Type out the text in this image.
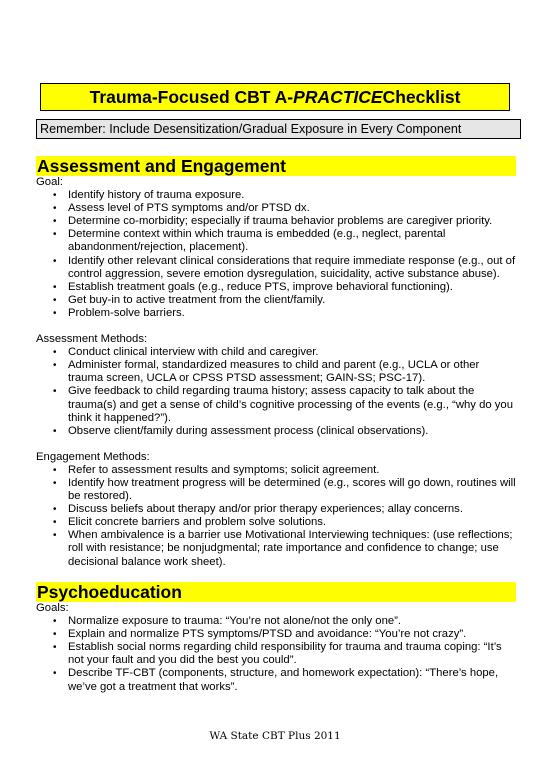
Trauma-Focused CBT A- PRACTICE Checklist
Remember: Include Desensitization/Gradual Exposure in Every Component
Assessment and Engagement

Goal:

• Identify history of trauma exposure.
• Assess level of PTS symptoms and/or PTSD dx.
• Determine co-morbidity; especially if trauma behavior problems are caregiver priority.
• Determine context within which trauma is embedded (e.g., neglect, parental abandonment/rejection, placement).
• Identify other relevant clinical considerations that require immediate response (e.g., out of control aggression, severe emotion dysregulation, suicidality, active substance abuse).
• Establish treatment goals (e.g., reduce PTS, improve behavioral functioning).
• Get buy-in to active treatment from the client/family.
• Problem-solve barriers.

Assessment Methods:

• Conduct clinical interview with child and caregiver.
• Administer formal, standardized measures to child and parent (e.g., UCLA or other trauma screen, UCLA or CPSS PTSD assessment; GAIN-SS; PSC-17).
• Give feedback to child regarding trauma history; assess capacity to talk about the trauma(s) and get a sense of child’s cognitive processing of the events (e.g., “why do you think it happened?”).
• Observe client/family during assessment process (clinical observations).

Engagement Methods:

• Refer to assessment results and symptoms; solicit agreement.
• Identify how treatment progress will be determined (e.g., scores will go down, routines will be restored).
• Discuss beliefs about therapy and/or prior therapy experiences; allay concerns.
• Elicit concrete barriers and problem solve solutions.
• When ambivalence is a barrier use Motivational Interviewing techniques: (use reflections; roll with resistance; be nonjudgmental; rate importance and confidence to change; use decisional balance work sheet).
Psychoeducation

Goals:

• Normalize exposure to trauma: “You’re not alone/not the only one”.
• Explain and normalize PTS symptoms/PTSD and avoidance: “You’re not crazy”.
• Establish social norms regarding child responsibility for trauma and trauma coping: “It’s not your fault and you did the best you could”.
• Describe TF-CBT (components, structure, and homework expectation): “There’s hope, we’ve got a treatment that works”.
WA State CBT Plus 2011
